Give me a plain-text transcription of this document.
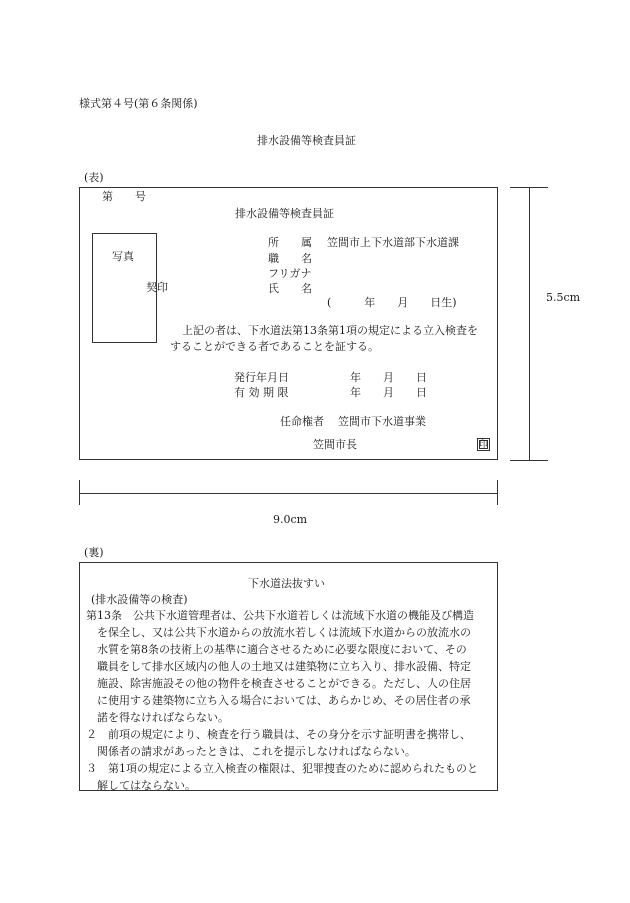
様式第４号(第６条関係)
排水設備等検査員証
(表)
第　　号
排水設備等検査員証
写真
契印
所　　属 笠間市上下水道部下水道課
職　　名
フリガナ
氏　　名
(　　　年　　月　　日生)
上記の者は、下水道法第13条第1項の規定による立入検査を
することができる者であることを証する。
発行年月日	年　　月　　日
有 効 期 限	年　　月　　日
任命権者 笠間市下水道事業
笠間市長	印
5.5cm
9.0cm
(裏)
下水道法抜すい
(排水設備等の検査)
第13条　公共下水道管理者は、公共下水道若しくは流域下水道の機能及び構造
　を保全し、又は公共下水道からの放流水若しくは流域下水道からの放流水の
　水質を第8条の技術上の基準に適合させるために必要な限度において、その
　職員をして排水区域内の他人の土地又は建築物に立ち入り、排水設備、特定
　施設、除害施設その他の物件を検査させることができる。ただし、人の住居
　に使用する建築物に立ち入る場合においては、あらかじめ、その居住者の承
　諾を得なければならない。
２　前項の規定により、検査を行う職員は、その身分を示す証明書を携帯し、
　関係者の請求があったときは、これを提示しなければならない。
３　第1項の規定による立入検査の権限は、犯罪捜査のために認められたものと
　解してはならない。
